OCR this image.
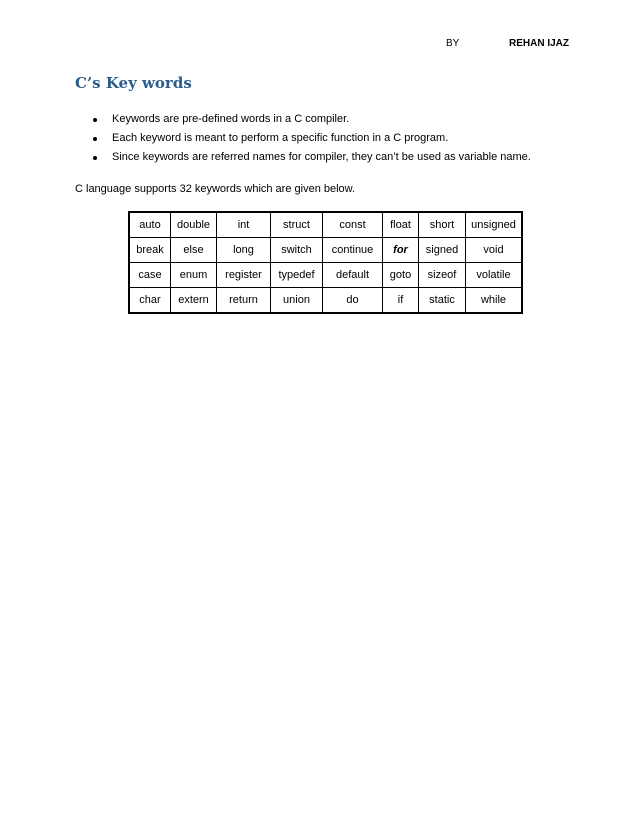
BY	REHAN IJAZ
C’s Key words
Keywords are pre-defined words in a C compiler.
Each keyword is meant to perform a specific function in a C program.
Since keywords are referred names for compiler, they can’t be used as variable name.

C language supports 32 keywords which are given below.

auto	double	int	struct	const	float	short	unsigned
break	else	long	switch	continue	for	signed	void
case	enum	register	typedef	default	goto	sizeof	volatile
char	extern	return	union	do	if	static	while
